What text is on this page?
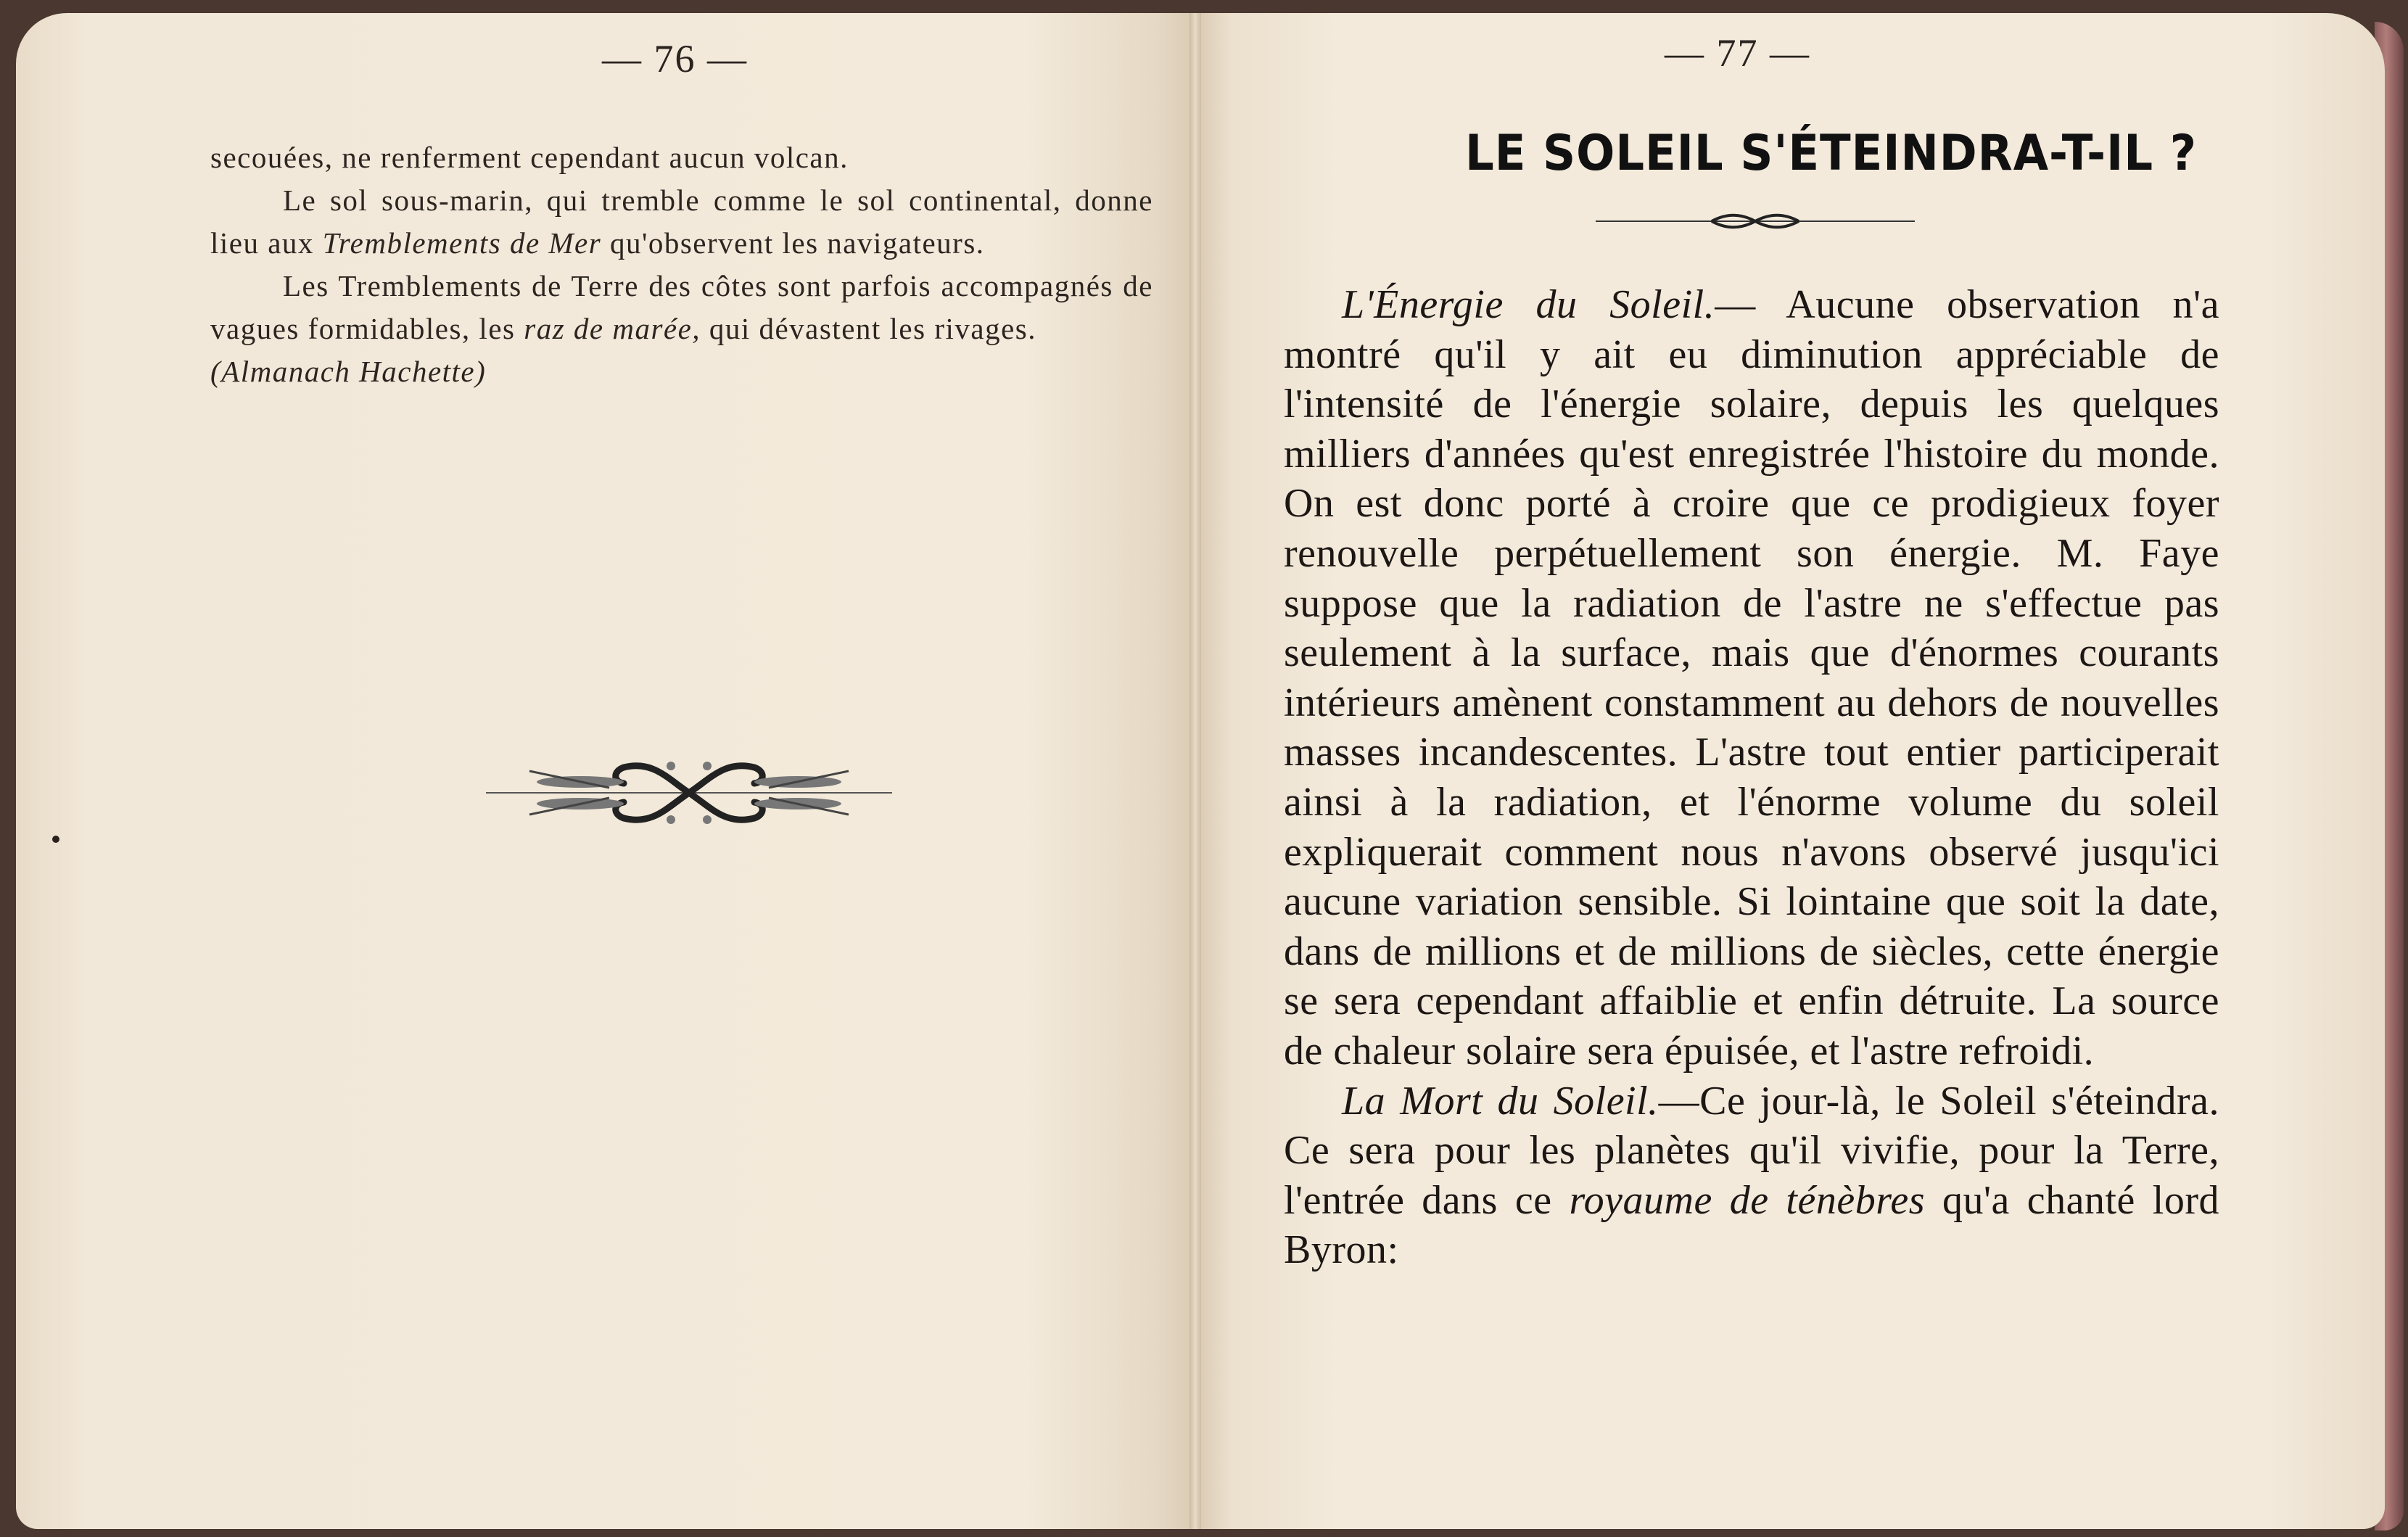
— 76 —

secouées, ne renferment cependant aucun volcan.

Le sol sous-marin, qui tremble comme le sol continental, donne lieu aux Tremblements de Mer qu'observent les navigateurs.

Les Tremblements de Terre des côtes sont parfois accompagnés de vagues formidables, les raz de marée, qui dévastent les rivages.

(Almanach Hachette)

— 77 —
LE SOLEIL S'ÉTEINDRA-T-IL ?

L'Énergie du Soleil.— Aucune observation n'a montré qu'il y ait eu diminution appréciable de l'intensité de l'énergie solaire, depuis les quelques milliers d'années qu'est enregistrée l'histoire du monde. On est donc porté à croire que ce prodigieux foyer renouvelle perpétuellement son énergie. M. Faye suppose que la radiation de l'astre ne s'effectue pas seulement à la surface, mais que d'énormes courants intérieurs amènent constamment au dehors de nouvelles masses incandescentes. L'astre tout entier participerait ainsi à la radiation, et l'énorme volume du soleil expliquerait comment nous n'avons observé jusqu'ici aucune variation sensible. Si lointaine que soit la date, dans de millions et de millions de siècles, cette énergie se sera cependant affaiblie et enfin détruite. La source de chaleur solaire sera épuisée, et l'astre refroidi.

La Mort du Soleil.—Ce jour-là, le Soleil s'éteindra. Ce sera pour les planètes qu'il vivifie, pour la Terre, l'entrée dans ce royaume de ténèbres qu'a chanté lord Byron:
